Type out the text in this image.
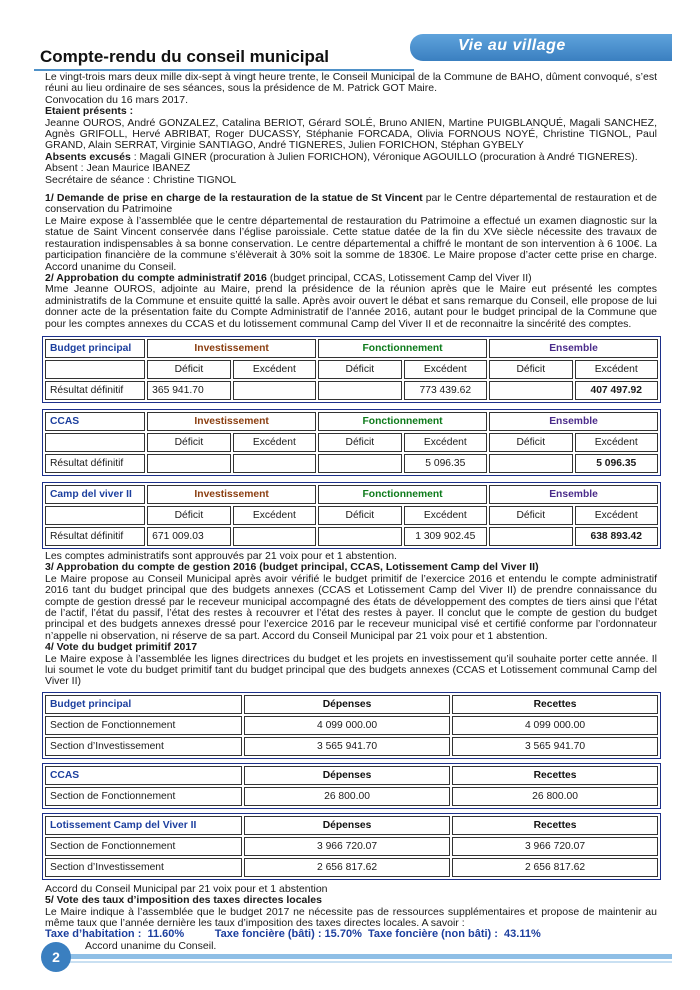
Compte-rendu du conseil municipal
Vie au village

Le vingt-trois mars deux mille dix-sept à vingt heure trente, le Conseil Municipal de la Commune de BAHO, dûment convoqué, s’est réuni au lieu ordinaire de ses séances, sous la présidence de M. Patrick GOT Maire.

Convocation du 16 mars 2017.

Etaient présents :

Jeanne OUROS, André GONZALEZ, Catalina BERIOT, Gérard SOLÉ, Bruno ANIEN, Martine PUIGBLANQUÉ, Magali SANCHEZ, Agnès GRIFOLL, Hervé ABRIBAT, Roger DUCASSY, Stéphanie FORCADA, Olivia FORNOUS NOYÉ, Christine TIGNOL, Paul GRAND, Alain SERRAT, Virginie SANTIAGO, André TIGNERES, Julien FORICHON, Stéphan GYBELY

Absents excusés : Magali GINER (procuration à Julien FORICHON), Véronique AGOUILLO (procuration à André TIGNERES).

Absent : Jean Maurice IBANEZ

Secrétaire de séance : Christine TIGNOL

1/ Demande de prise en charge de la restauration de la statue de St Vincent par le Centre départemental de restauration et de conservation du Patrimoine

Le Maire expose à l’assemblée que le centre départemental de restauration du Patrimoine a effectué un examen diagnostic sur la statue de Saint Vincent conservée dans l’église paroissiale. Cette statue datée de la fin du XVe siècle nécessite des travaux de restauration indispensables à sa bonne conservation. Le centre départemental a chiffré le montant de son intervention à 6 100€. La participation financière de la commune s’élèverait à 30% soit la somme de 1830€. Le Maire propose d’acter cette prise en charge. Accord unanime du Conseil.

2/ Approbation du compte administratif 2016 (budget principal, CCAS, Lotissement Camp del Viver II)

Mme Jeanne OUROS, adjointe au Maire, prend la présidence de la réunion après que le Maire eut présenté les comptes administratifs de la Commune et ensuite quitté la salle. Après avoir ouvert le débat et sans remarque du Conseil, elle propose de lui donner acte de la présentation faite du Compte Administratif de l’année 2016, autant pour le budget principal de la Commune que pour les comptes annexes du CCAS et du lotissement communal Camp del Viver II et de reconnaitre la sincérité des comptes.

Budget principal	Investissement		Fonctionnement		Ensemble	
	Déficit	Excédent	Déficit	Excédent	Déficit	Excédent
Résultat définitif	365 941.70			773 439.62		407 497.92
CCAS	Investissement		Fonctionnement		Ensemble	
	Déficit	Excédent	Déficit	Excédent	Déficit	Excédent
Résultat définitif				5 096.35		5 096.35
Camp del viver II	Investissement		Fonctionnement		Ensemble	
	Déficit	Excédent	Déficit	Excédent	Déficit	Excédent
Résultat définitif	671 009.03			1 309 902.45		638 893.42

Les comptes administratifs sont approuvés par 21 voix pour et 1 abstention.

3/ Approbation du compte de gestion 2016 (budget principal, CCAS, Lotissement Camp del Viver II)

Le Maire propose au Conseil Municipal après avoir vérifié le budget primitif de l’exercice 2016 et entendu le compte administratif 2016 tant du budget principal que des budgets annexes (CCAS et Lotissement Camp del Viver II) de prendre connaissance du compte de gestion dressé par le receveur municipal accompagné des états de développement des comptes de tiers ainsi que l’état de l’actif, l’état du passif, l’état des restes à recouvrer et l’état des restes à payer. Il conclut que le compte de gestion du budget principal et des budgets annexes dressé pour l’exercice 2016 par le receveur municipal visé et certifié conforme par l’ordonnateur n’appelle ni observation, ni réserve de sa part. Accord du Conseil Municipal par 21 voix pour et 1 abstention.

4/ Vote du budget primitif 2017

Le Maire expose à l’assemblée les lignes directrices du budget et les projets en investissement qu’il souhaite porter cette année. Il lui soumet le vote du budget primitif tant du budget principal que des budgets annexes (CCAS et Lotissement communal Camp del Viver II)

Budget principal	Dépenses	Recettes
Section de Fonctionnement	4 099 000.00	4 099 000.00
Section d’Investissement	3 565 941.70	3 565 941.70
CCAS	Dépenses	Recettes
Section de Fonctionnement	26 800.00	26 800.00
Lotissement Camp del Viver II	Dépenses	Recettes
Section de Fonctionnement	3 966 720.07	3 966 720.07
Section d’Investissement	2 656 817.62	2 656 817.62

Accord du Conseil Municipal par 21 voix pour et 1 abstention

5/ Vote des taux d’imposition des taxes directes locales

Le Maire indique à l’assemblée que le budget 2017 ne nécessite pas de ressources supplémentaires et propose de maintenir au même taux que l’année dernière les taux d’imposition des taxes directes locales. A savoir :

Taxe d’habitation :  11.60%          Taxe foncière (bâti) : 15.70%  Taxe foncière (non bâti) :  43.11%

Accord unanime du Conseil.

2
